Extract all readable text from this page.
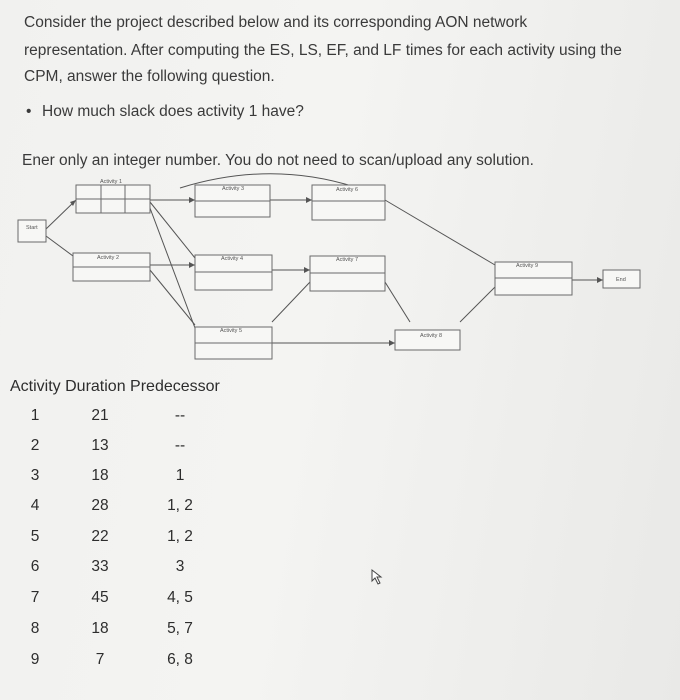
Consider the project described below and its corresponding AON network
representation. After computing the ES, LS, EF, and LF times for each activity using the
CPM, answer the following question.
• How much slack does activity 1 have?
Ener only an integer number. You do not need to scan/upload any solution.
Start
Activity 1
Activity 2
Activity 3
Activity 4
Activity 5
Activity 6
Activity 7
Activity 8
Activity 9
End
Activity Duration Predecessor
1	21	--
2	13	--
3	18	1
4	28	1, 2
5	22	1, 2
6	33	3
7	45	4, 5
8	18	5, 7
9	7	6, 8
